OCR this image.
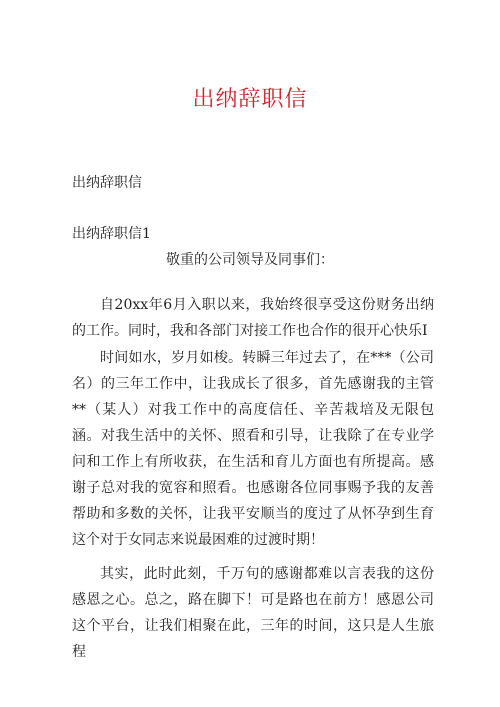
出纳辞职信
出纳辞职信
出纳辞职信1
敬重的公司领导及同事们：

自20xx年6月入职以来，我始终很享受这份财务出纳的工作。同时，我和各部门对接工作也合作的很开心快乐I

时间如水，岁月如梭。转瞬三年过去了，在***（公司名）的三年工作中，让我成长了很多，首先感谢我的主管**（某人）对我工作中的高度信任、辛苦栽培及无限包涵。对我生活中的关怀、照看和引导，让我除了在专业学问和工作上有所收获，在生活和育儿方面也有所提高。感谢子总对我的宽容和照看。也感谢各位同事赐予我的友善帮助和多数的关怀，让我平安顺当的度过了从怀孕到生育这个对于女同志来说最困难的过渡时期！

其实，此时此刻，千万句的感谢都难以言表我的这份感恩之心。总之，路在脚下！可是路也在前方！感恩公司这个平台，让我们相聚在此，三年的时间，这只是人生旅程
